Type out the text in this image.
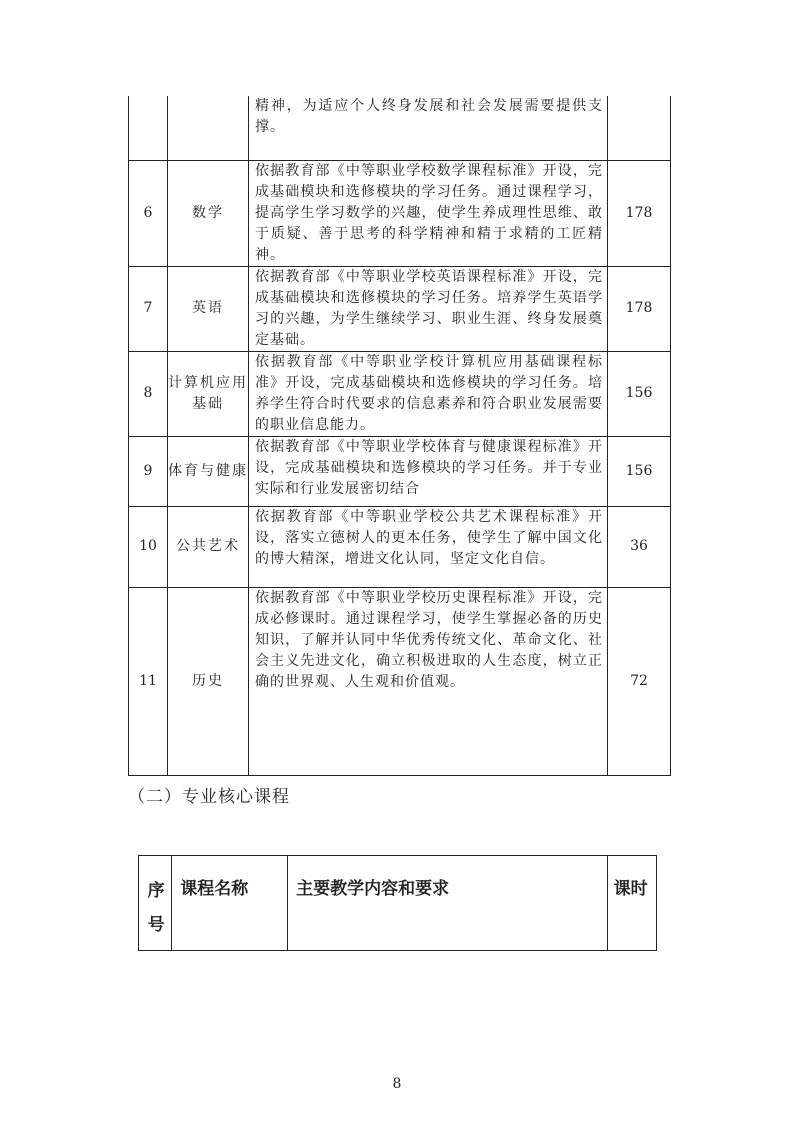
		精神，为适应个人终身发展和社会发展需要提供支撑。	
6	数学	依据教育部《中等职业学校数学课程标准》开设，完成基础模块和选修模块的学习任务。通过课程学习，提高学生学习数学的兴趣，使学生养成理性思维、敢于质疑、善于思考的科学精神和精于求精的工匠精神。	178
7	英语	依据教育部《中等职业学校英语课程标准》开设，完成基础模块和选修模块的学习任务。培养学生英语学习的兴趣，为学生继续学习、职业生涯、终身发展奠定基础。	178
8	计算机应用基础	依据教育部《中等职业学校计算机应用基础课程标准》开设，完成基础模块和选修模块的学习任务。培养学生符合时代要求的信息素养和符合职业发展需要的职业信息能力。	156
9	体育与健康	依据教育部《中等职业学校体育与健康课程标准》开设，完成基础模块和选修模块的学习任务。并于专业实际和行业发展密切结合	156
10	公共艺术	依据教育部《中等职业学校公共艺术课程标准》开设，落实立德树人的更本任务，使学生了解中国文化的博大精深，增进文化认同，坚定文化自信。	36
11	历史	依据教育部《中等职业学校历史课程标准》开设，完成必修课时。通过课程学习，使学生掌握必备的历史知识，了解并认同中华优秀传统文化、革命文化、社会主义先进文化，确立积极进取的人生态度，树立正确的世界观、人生观和价值观。	72
（二）专业核心课程
序号	课程名称	主要教学内容和要求	课时
8
